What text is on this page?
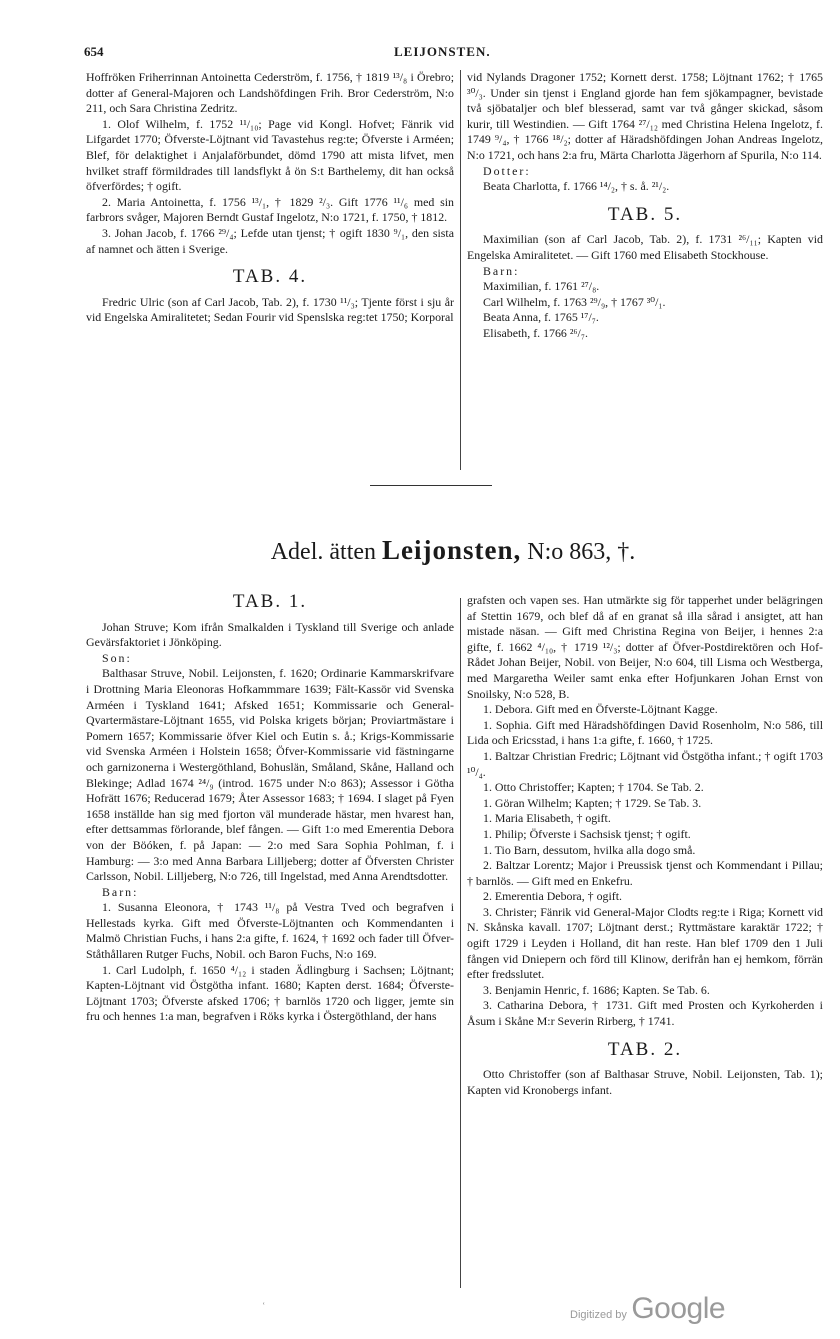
654	LEIJONSTEN.

Hoffröken Friherrinnan Antoinetta Cederström, f. 1756, † 1819 ¹³/₈ i Örebro; dotter af General-Majoren och Landshöfdingen Frih. Bror Cederström, N:o 211, och Sara Christina Zedritz.

1. Olof Wilhelm, f. 1752 ¹¹/₁₀; Page vid Kongl. Hofvet; Fänrik vid Lifgardet 1770; Öfverste-Löjtnant vid Tavastehus reg:te; Öfverste i Arméen; Blef, för delaktighet i Anjalaförbundet, dömd 1790 att mista lifvet, men hvilket straff förmildrades till landsflykt å ön S:t Barthelemy, dit han också öfverfördes; † ogift.

2. Maria Antoinetta, f. 1756 ¹³/₁, † 1829 ²/₃. Gift 1776 ¹¹/₆ med sin farbrors svåger, Majoren Berndt Gustaf Ingelotz, N:o 1721, f. 1750, † 1812.

3. Johan Jacob, f. 1766 ²⁹/₄; Lefde utan tjenst; † ogift 1830 ⁹/₁, den sista af namnet och ätten i Sverige.

TAB. 4.

Fredric Ulric (son af Carl Jacob, Tab. 2), f. 1730 ¹¹/₃; Tjente först i sju år vid Engelska Amiralitetet; Sedan Fourir vid Spenslska reg:tet 1750; Korporal

vid Nylands Dragoner 1752; Kornett derst. 1758; Löjtnant 1762; † 1765 ³⁰/₃. Under sin tjenst i England gjorde han fem sjökampagner, bevistade två sjöbataljer och blef blesserad, samt var två gånger skickad, såsom kurir, till Westindien. — Gift 1764 ²⁷/₁₂ med Christina Helena Ingelotz, f. 1749 ⁹/₄, † 1766 ¹⁸/₂; dotter af Häradshöfdingen Johan Andreas Ingelotz, N:o 1721, och hans 2:a fru, Märta Charlotta Jägerhorn af Spurila, N:o 114.

Dotter:

Beata Charlotta, f. 1766 ¹⁴/₂, † s. å. ²¹/₂.

TAB. 5.

Maximilian (son af Carl Jacob, Tab. 2), f. 1731 ²⁶/₁₁; Kapten vid Engelska Amiralitetet. — Gift 1760 med Elisabeth Stockhouse.

Barn:

Maximilian, f. 1761 ²⁷/₈.

Carl Wilhelm, f. 1763 ²⁹/₉, † 1767 ³⁰/₁.

Beata Anna, f. 1765 ¹⁷/₇.

Elisabeth, f. 1766 ²⁶/₇.

Adel. ätten Leijonsten, N:o 863, †.
TAB. 1.

Johan Struve; Kom ifrån Smalkalden i Tyskland till Sverige och anlade Gevärsfaktoriet i Jönköping.

Son:

Balthasar Struve, Nobil. Leijonsten, f. 1620; Ordinarie Kammarskrifvare i Drottning Maria Eleonoras Hofkammmare 1639; Fält-Kassör vid Svenska Arméen i Tyskland 1641; Afsked 1651; Kommissarie och General-Qvartermästare-Löjtnant 1655, vid Polska krigets början; Proviartmästare i Pomern 1657; Kommissarie öfver Kiel och Eutin s. å.; Krigs-Kommissarie vid Svenska Arméen i Holstein 1658; Öfver-Kommissarie vid fästningarne och garnizonerna i Westergöthland, Bohuslän, Småland, Skåne, Halland och Blekinge; Adlad 1674 ²⁴/₉ (introd. 1675 under N:o 863); Assessor i Götha Hofrätt 1676; Reducerad 1679; Åter Assessor 1683; † 1694. I slaget på Fyen 1658 inställde han sig med fjorton väl munderade hästar, men hvarest han, efter dettsammas förlorande, blef fången. — Gift 1:o med Emerentia Debora von der Böóken, f. på Japan: — 2:o med Sara Sophia Pohlman, f. i Hamburg: — 3:o med Anna Barbara Lilljeberg; dotter af Öfversten Christer Carlsson, Nobil. Lilljeberg, N:o 726, till Ingelstad, med Anna Arendtsdotter.

Barn:

1. Susanna Eleonora, † 1743 ¹¹/₈ på Vestra Tved och begrafven i Hellestads kyrka. Gift med Öfverste-Löjtnanten och Kommendanten i Malmö Christian Fuchs, i hans 2:a gifte, f. 1624, † 1692 och fader till Öfver-Ståthållaren Rutger Fuchs, Nobil. och Baron Fuchs, N:o 169.

1. Carl Ludolph, f. 1650 ⁴/₁₂ i staden Ädlingburg i Sachsen; Löjtnant; Kapten-Löjtnant vid Östgötha infant. 1680; Kapten derst. 1684; Öfverste-Löjtnant 1703; Öfverste afsked 1706; † barnlös 1720 och ligger, jemte sin fru och hennes 1:a man, begrafven i Röks kyrka i Östergöthland, der hans

grafsten och vapen ses. Han utmärkte sig för tapperhet under belägringen af Stettin 1679, och blef då af en granat så illa sårad i ansigtet, att han mistade näsan. — Gift med Christina Regina von Beijer, i hennes 2:a gifte, f. 1662 ⁴/₁₀, † 1719 ¹²/₃; dotter af Öfver-Postdirektören och Hof-Rådet Johan Beijer, Nobil. von Beijer, N:o 604, till Lisma och Westberga, med Margaretha Weiler samt enka efter Hofjunkaren Johan Ernst von Snoilsky, N:o 528, B.

1. Debora. Gift med en Öfverste-Löjtnant Kagge.

1. Sophia. Gift med Häradshöfdingen David Rosenholm, N:o 586, till Lida och Ericsstad, i hans 1:a gifte, f. 1660, † 1725.

1. Baltzar Christian Fredric; Löjtnant vid Östgötha infant.; † ogift 1703 ¹⁰/₄.

1. Otto Christoffer; Kapten; † 1704. Se Tab. 2.

1. Göran Wilhelm; Kapten; † 1729. Se Tab. 3.

1. Maria Elisabeth, † ogift.

1. Philip; Öfverste i Sachsisk tjenst; † ogift.

1. Tio Barn, dessutom, hvilka alla dogo små.

2. Baltzar Lorentz; Major i Preussisk tjenst och Kommendant i Pillau; † barnlös. — Gift med en Enkefru.

2. Emerentia Debora, † ogift.

3. Christer; Fänrik vid General-Major Clodts reg:te i Riga; Kornett vid N. Skånska kavall. 1707; Löjtnant derst.; Ryttmästare karaktär 1722; † ogift 1729 i Leyden i Holland, dit han reste. Han blef 1709 den 1 Juli fången vid Dniepern och förd till Klinow, derifrån han ej hemkom, förrän efter fredsslutet.

3. Benjamin Henric, f. 1686; Kapten. Se Tab. 6.

3. Catharina Debora, † 1731. Gift med Prosten och Kyrkoherden i Åsum i Skåne M:r Severin Rirberg, † 1741.

TAB. 2.

Otto Christoffer (son af Balthasar Struve, Nobil. Leijonsten, Tab. 1); Kapten vid Kronobergs infant.

ʿ
Digitized by Google
